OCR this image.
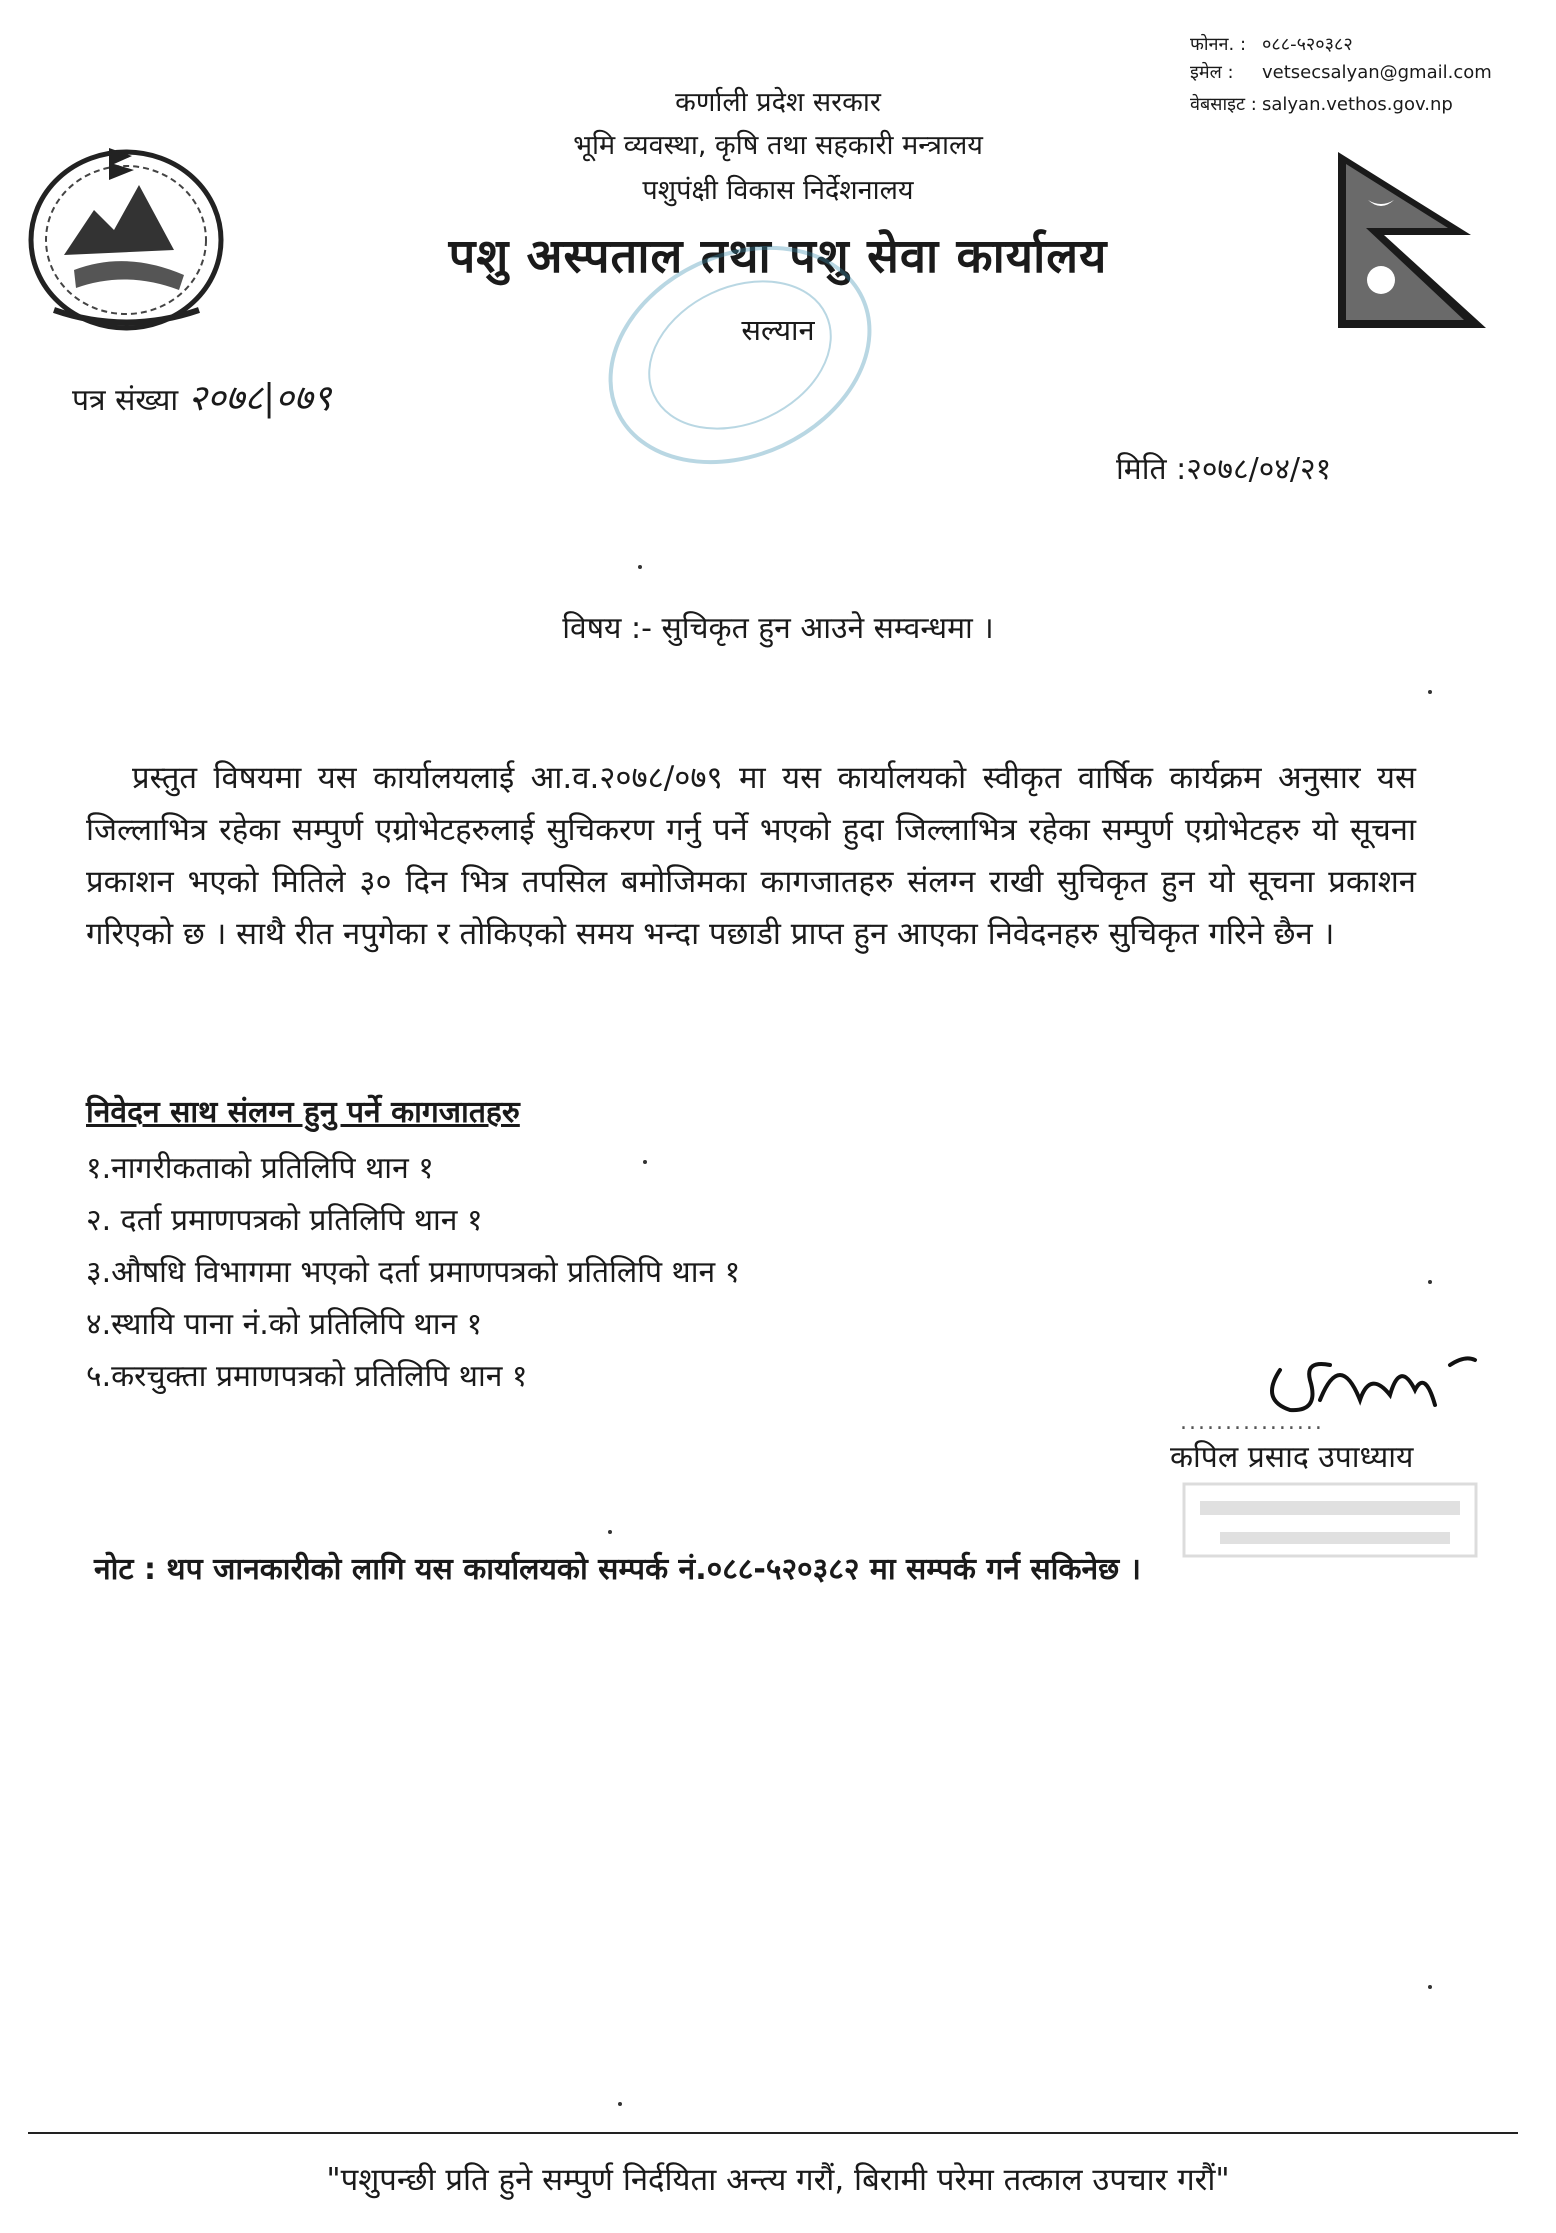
कर्णाली प्रदेश सरकार
भूमि व्यवस्था, कृषि तथा सहकारी मन्त्रालय
पशुपंक्षी विकास निर्देशनालय
पशु अस्पताल तथा पशु सेवा कार्यालय
सल्यान
फोनन. : ०८८-५२०३८२
इमेल : vetsecsalyan@gmail.com
वेबसाइट : salyan.vethos.gov.np
पत्र संख्या २०७८|०७९
मिति :२०७८/०४/२१
विषय :- सुचिकृत हुन आउने सम्वन्धमा ।
प्रस्तुत विषयमा यस कार्यालयलाई आ.व.२०७८/०७९ मा यस कार्यालयको स्वीकृत वार्षिक कार्यक्रम अनुसार यस जिल्लाभित्र रहेका सम्पुर्ण एग्रोभेटहरुलाई सुचिकरण गर्नु पर्ने भएको हुदा जिल्लाभित्र रहेका सम्पुर्ण एग्रोभेटहरु यो सूचना प्रकाशन भएको मितिले ३० दिन भित्र तपसिल बमोजिमका कागजातहरु संलग्न राखी सुचिकृत हुन यो सूचना प्रकाशन गरिएको छ । साथै रीत नपुगेका र तोकिएको समय भन्दा पछाडी प्राप्त हुन आएका निवेदनहरु सुचिकृत गरिने छैन ।
निवेदन साथ संलग्न हुनु पर्ने कागजातहरु
१.नागरीकताको प्रतिलिपि थान १
२. दर्ता प्रमाणपत्रको प्रतिलिपि थान १
३.औषधि विभागमा भएको दर्ता प्रमाणपत्रको प्रतिलिपि थान १
४.स्थायि पाना नं.को प्रतिलिपि थान १
५.करचुक्ता प्रमाणपत्रको प्रतिलिपि थान १
................
कपिल प्रसाद उपाध्याय
नोट : थप जानकारीको लागि यस कार्यालयको सम्पर्क नं.०८८-५२०३८२ मा सम्पर्क गर्न सकिनेछ ।
"पशुपन्छी प्रति हुने सम्पुर्ण निर्दयिता अन्त्य गरौं, बिरामी परेमा तत्काल उपचार गरौं"
